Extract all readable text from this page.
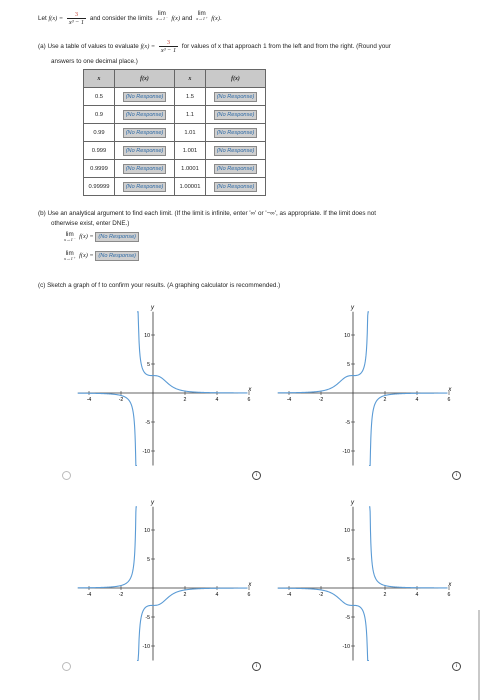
Let $f(x) = \frac{3}{\text{x³ − 1}}$ and consider the limits lim
x→1⁻ f(x) and lim
x→1⁺ f(x).
(a) Use a table of values to evaluate $f(x) = \frac{3}{\text{x³ − 1}}$ for values of x that approach 1 from the left and from the right. (Round your
answers to one decimal place.)
x	f(x)	x	f(x)
0.5	(No Response)	1.5	(No Response)
0.9	(No Response)	1.1	(No Response)
0.99	(No Response)	1.01	(No Response)
0.999	(No Response)	1.001	(No Response)
0.9999	(No Response)	1.0001	(No Response)
0.99999	(No Response)	1.00001	(No Response)
(b) Use an analytical argument to find each limit. (If the limit is infinite, enter '∞' or '−∞', as appropriate. If the limit does not
otherwise exist, enter DNE.)
lim
x→1⁻ f(x) = (No Response)
lim
x→1⁺ f(x) = (No Response)
(c) Sketch a graph of f to confirm your results. (A graphing calculator is recommended.)
x
y
-4	-2	2	4	6
10
5
-5
-10
x
y
-4	-2	2	4	6
10
5
-5
-10
x
y
-4	-2	2	4	6
10
5
-5
-10
x
y
-4	-2	2	4	6
10
5
-5
-10
i	i
i	i
